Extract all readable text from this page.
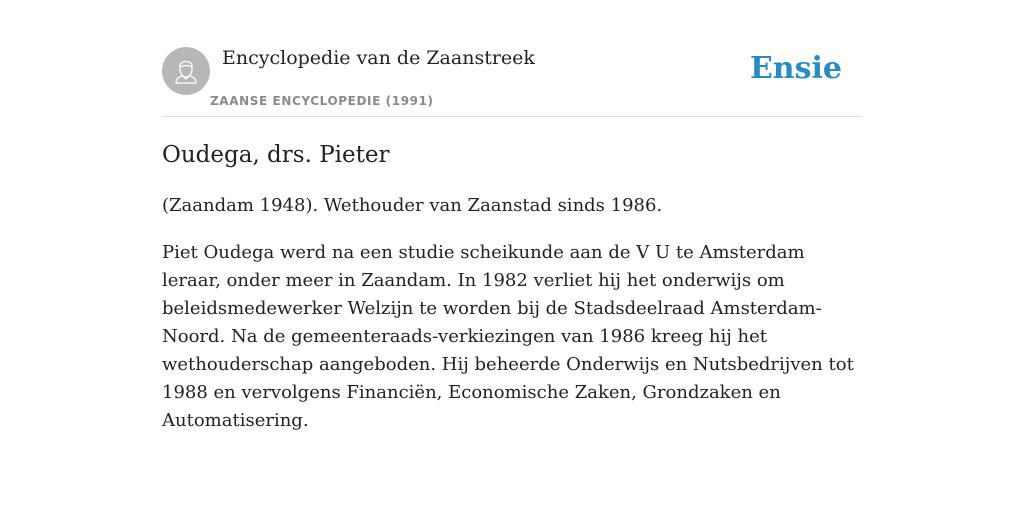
Encyclopedie van de Zaanstreek
ZAANSE ENCYCLOPEDIE (1991)
Ensie
Oudega, drs. Pieter

(Zaandam 1948). Wethouder van Zaanstad sinds 1986.

Piet Oudega werd na een studie scheikunde aan de V U te Amsterdam leraar, onder meer in Zaandam. In 1982 verliet hij het onderwijs om beleidsmedewerker Welzijn te worden bij de Stadsdeelraad Amsterdam-Noord. Na de gemeenteraads-verkiezingen van 1986 kreeg hij het wethouderschap aangeboden. Hij beheerde Onderwijs en Nutsbedrijven tot 1988 en vervolgens Financiën, Economische Zaken, Grondzaken en Automatisering.
